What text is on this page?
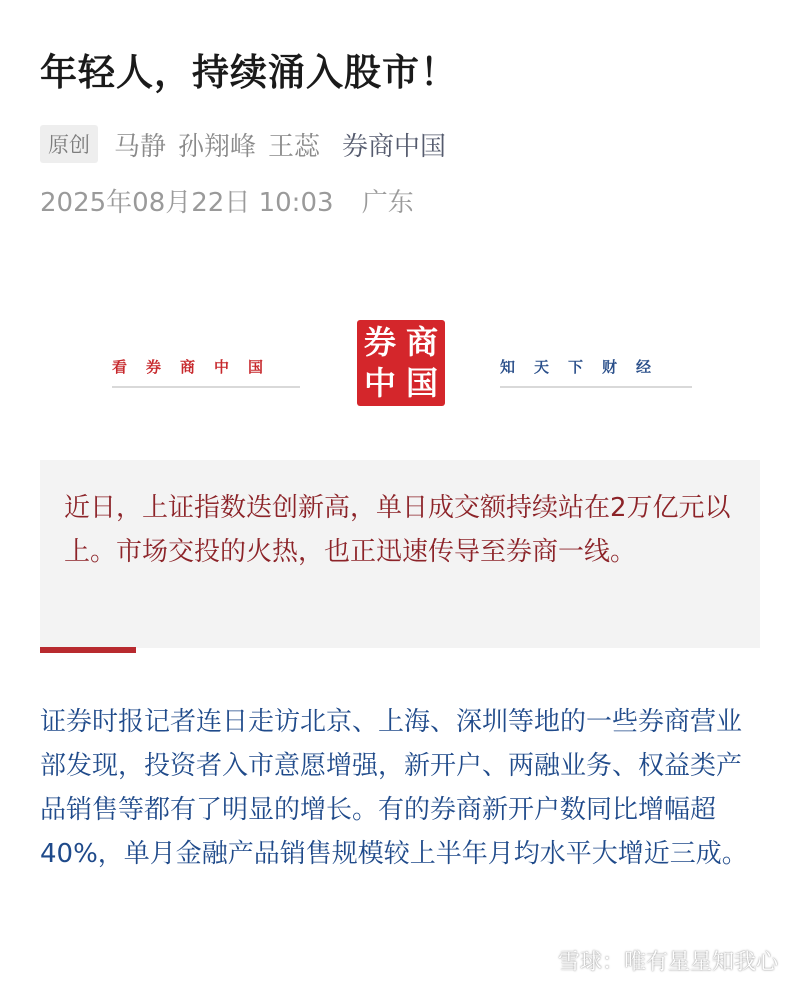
年轻人，持续涌入股市！
原创 马静 孙翔峰 王蕊 券商中国
2025年08月22日 10:03 广东
看券商中国
券 商
中 国	知天下财经

近日，上证指数迭创新高，单日成交额持续站在2万亿元以上。市场交投的火热，也正迅速传导至券商一线。

证券时报记者连日走访北京、上海、深圳等地的一些券商营业部发现，投资者入市意愿增强，新开户、两融业务、权益类产品销售等都有了明显的增长。有的券商新开户数同比增幅超40%，单月金融产品销售规模较上半年月均水平大增近三成。

雪球：唯有星星知我心
